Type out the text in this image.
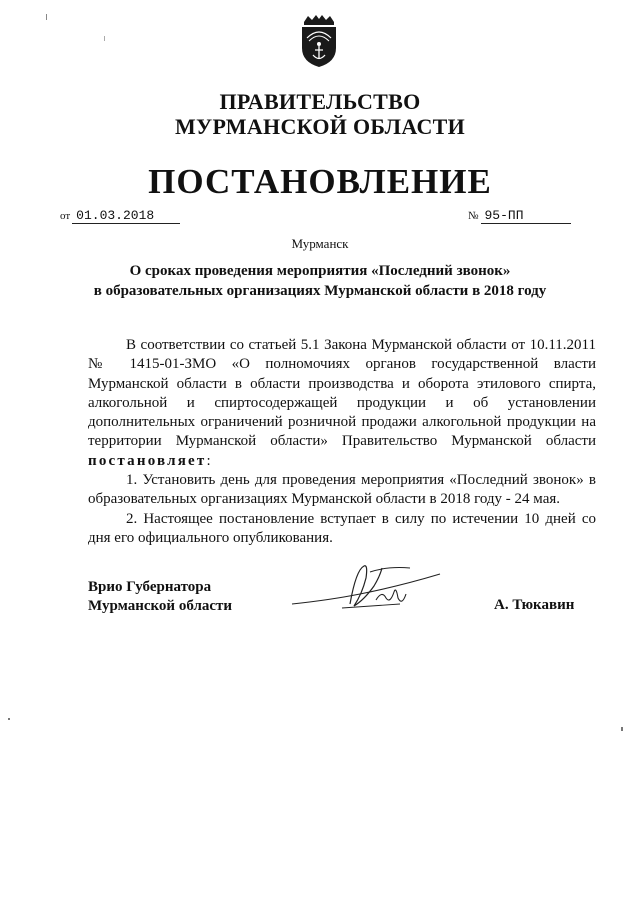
ПРАВИТЕЛЬСТВО
МУРМАНСКОЙ ОБЛАСТИ
ПОСТАНОВЛЕНИЕ
от 01.03.2018	№ 95-ПП
Мурманск
О сроках проведения мероприятия «Последний звонок»
в образовательных организациях Мурманской области в 2018 году

В соответствии со статьей 5.1 Закона Мурманской области от 10.11.2011 № 1415-01-ЗМО «О полномочиях органов государственной власти Мурманской области в области производства и оборота этилового спирта, алкогольной и спиртосодержащей продукции и об установлении дополнительных ограничений розничной продажи алкогольной продукции на территории Мурманской области» Правительство Мурманской области постановляет:

1. Установить день для проведения мероприятия «Последний звонок» в образовательных организациях Мурманской области в 2018 году - 24 мая.

2. Настоящее постановление вступает в силу по истечении 10 дней со дня его официального опубликования.

Врио Губернатора
Мурманской области	А. Тюкавин
